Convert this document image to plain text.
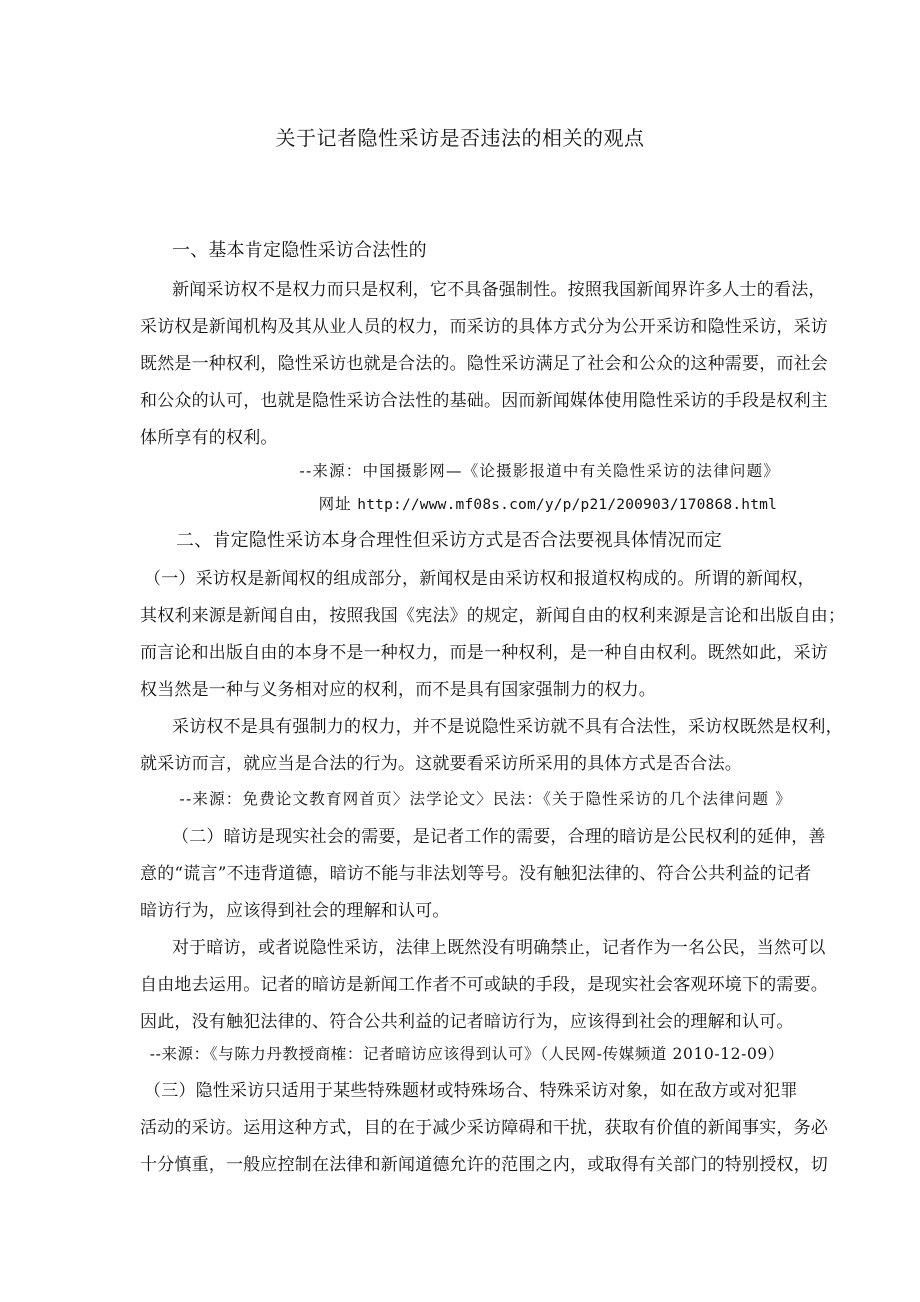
关于记者隐性采访是否违法的相关的观点
一、基本肯定隐性采访合法性的
新闻采访权不是权力而只是权利，它不具备强制性。按照我国新闻界许多人士的看法，
采访权是新闻机构及其从业人员的权力，而采访的具体方式分为公开采访和隐性采访，采访
既然是一种权利，隐性采访也就是合法的。隐性采访满足了社会和公众的这种需要，而社会
和公众的认可，也就是隐性采访合法性的基础。因而新闻媒体使用隐性采访的手段是权利主
体所享有的权利。
--来源：中国摄影网—《论摄影报道中有关隐性采访的法律问题》
网址 http://www.mf08s.com/y/p/p21/200903/170868.html
二、肯定隐性采访本身合理性但采访方式是否合法要视具体情况而定
（一）采访权是新闻权的组成部分，新闻权是由采访权和报道权构成的。所谓的新闻权，
其权利来源是新闻自由，按照我国《宪法》的规定，新闻自由的权利来源是言论和出版自由；
而言论和出版自由的本身不是一种权力，而是一种权利，是一种自由权利。既然如此，采访
权当然是一种与义务相对应的权利，而不是具有国家强制力的权力。
采访权不是具有强制力的权力，并不是说隐性采访就不具有合法性，采访权既然是权利，
就采访而言，就应当是合法的行为。这就要看采访所采用的具体方式是否合法。
--来源：免费论文教育网首页〉法学论文〉民法：《关于隐性采访的几个法律问题 》
（二）暗访是现实社会的需要，是记者工作的需要，合理的暗访是公民权利的延伸，善
意的“谎言”不违背道德，暗访不能与非法划等号。没有触犯法律的、符合公共利益的记者
暗访行为，应该得到社会的理解和认可。
对于暗访，或者说隐性采访，法律上既然没有明确禁止，记者作为一名公民，当然可以
自由地去运用。记者的暗访是新闻工作者不可或缺的手段，是现实社会客观环境下的需要。
因此，没有触犯法律的、符合公共利益的记者暗访行为，应该得到社会的理解和认可。
--来源：《与陈力丹教授商榷：记者暗访应该得到认可》（人民网-传媒频道 2010-12-09）
（三）隐性采访只适用于某些特殊题材或特殊场合、特殊采访对象，如在敌方或对犯罪
活动的采访。运用这种方式，目的在于减少采访障碍和干扰，获取有价值的新闻事实，务必
十分慎重，一般应控制在法律和新闻道德允许的范围之内，或取得有关部门的特别授权，切
